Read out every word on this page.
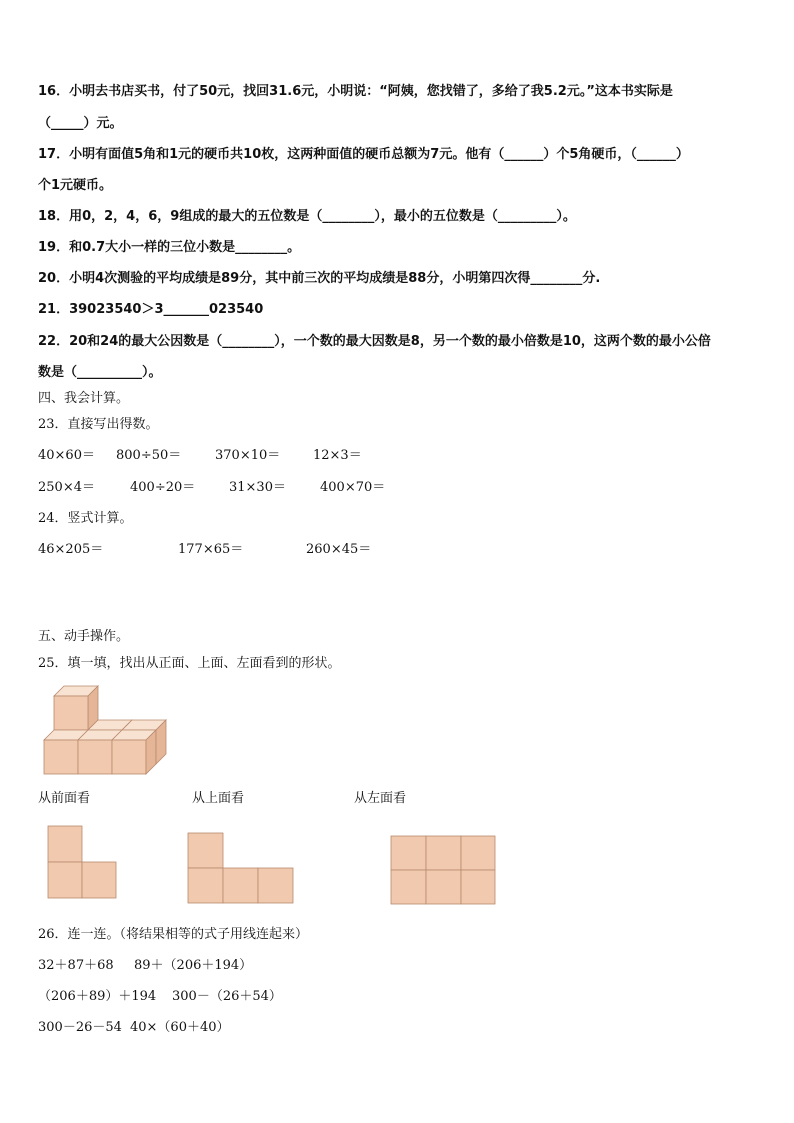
16．小明去书店买书，付了50元，找回31.6元，小明说：“阿姨，您找错了，多给了我5.2元。”这本书实际是
（_____）元。
17．小明有面值5角和1元的硬币共10枚，这两种面值的硬币总额为7元。他有（______）个5角硬币，（______）
个1元硬币。
18．用0，2，4，6，9组成的最大的五位数是（________），最小的五位数是（_________）。
19．和0.7大小一样的三位小数是________。
20．小明4次测验的平均成绩是89分，其中前三次的平均成绩是88分，小明第四次得________分.
21．39023540＞3_______023540
22．20和24的最大公因数是（________），一个数的最大因数是8，另一个数的最小倍数是10，这两个数的最小公倍
数是（__________）。
四、我会计算。
23．直接写出得数。
40×60＝ 800÷50＝	370×10＝	12×3＝
250×4＝	400÷20＝	31×30＝	400×70＝
24．竖式计算。
46×205＝	177×65＝	260×45＝
五、动手操作。
25．填一填，找出从正面、上面、左面看到的形状。
从前面看	从上面看	从左面看
26．连一连。（将结果相等的式子用线连起来）
32＋87＋68 89＋（206＋194）
（206＋89）＋194 300－（26＋54）
300－26－54 40×（60＋40）
